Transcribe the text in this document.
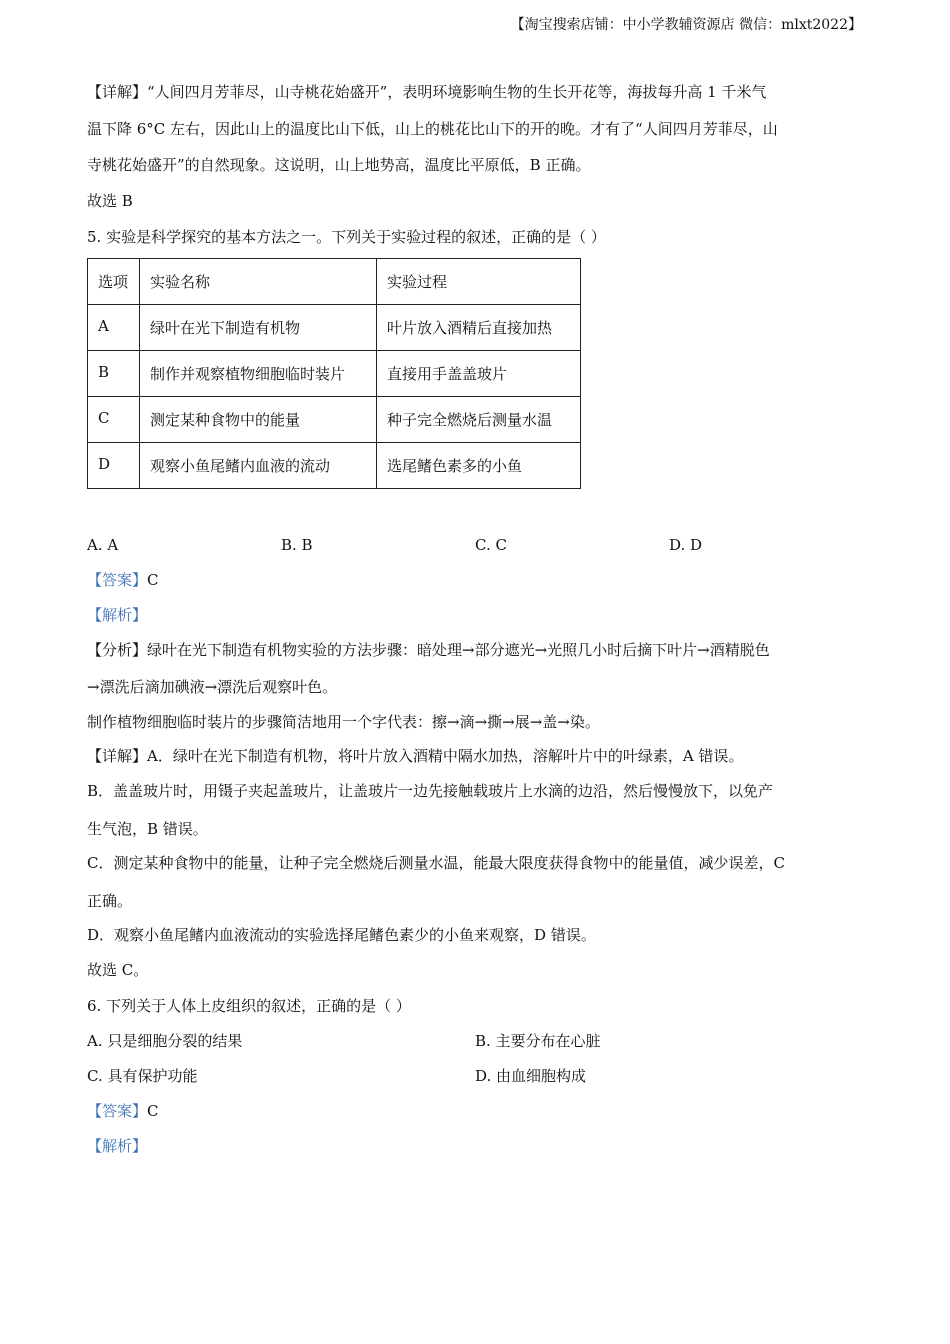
【淘宝搜索店铺：中小学教辅资源店 微信：mlxt2022】
【详解】“人间四月芳菲尽，山寺桃花始盛开”，表明环境影响生物的生长开花等，海拔每升高 1 千米气
温下降 6°C 左右，因此山上的温度比山下低，山上的桃花比山下的开的晚。才有了“人间四月芳菲尽，山
寺桃花始盛开”的自然现象。这说明，山上地势高，温度比平原低，B 正确。
故选 B
5. 实验是科学探究的基本方法之一。下列关于实验过程的叙述，正确的是（ ）
选项	实验名称	实验过程
A	绿叶在光下制造有机物	叶片放入酒精后直接加热
B	制作并观察植物细胞临时装片	直接用手盖盖玻片
C	测定某种食物中的能量	种子完全燃烧后测量水温
D	观察小鱼尾鳍内血液的流动	选尾鳍色素多的小鱼
A. A	B. B	C. C	D. D
【答案】C
【解析】
【分析】绿叶在光下制造有机物实验的方法步骤：暗处理→部分遮光→光照几小时后摘下叶片→酒精脱色
→漂洗后滴加碘液→漂洗后观察叶色。
制作植物细胞临时装片的步骤简洁地用一个字代表：擦→滴→撕→展→盖→染。
【详解】A．绿叶在光下制造有机物，将叶片放入酒精中隔水加热，溶解叶片中的叶绿素，A 错误。
B．盖盖玻片时，用镊子夹起盖玻片，让盖玻片一边先接触载玻片上水滴的边沿，然后慢慢放下，以免产
生气泡，B 错误。
C．测定某种食物中的能量，让种子完全燃烧后测量水温，能最大限度获得食物中的能量值，减少误差，C
正确。
D．观察小鱼尾鳍内血液流动的实验选择尾鳍色素少的小鱼来观察，D 错误。
故选 C。
6. 下列关于人体上皮组织的叙述，正确的是（ ）
A. 只是细胞分裂的结果	B. 主要分布在心脏
C. 具有保护功能	D. 由血细胞构成
【答案】C
【解析】
